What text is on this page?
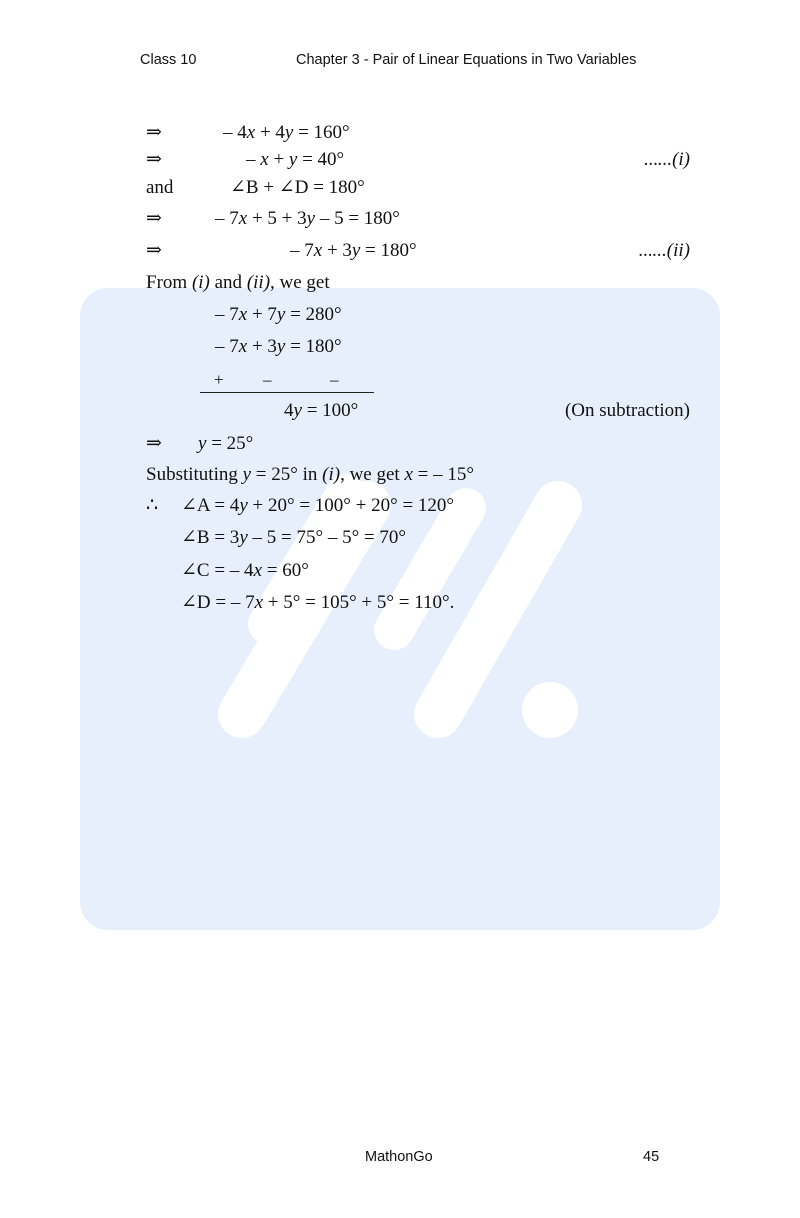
Class 10	Chapter 3 - Pair of Linear Equations in Two Variables
⇒	– 4x + 4y = 160°
⇒	– x + y = 40°	......(i)
and	∠B + ∠D = 180°
⇒	– 7x + 5 + 3y – 5 = 180°
⇒	– 7x + 3y = 180°	......(ii)
From (i) and (ii), we get
– 7x + 7y = 280°
– 7x + 3y = 180°
+ –	–
4y = 100°	(On subtraction)
⇒ y = 25°
Substituting y = 25° in (i), we get x = – 15°
∴ ∠A = 4y + 20° = 100° + 20° = 120°
∠B = 3y – 5 = 75° – 5° = 70°
∠C = – 4x = 60°
∠D = – 7x + 5° = 105° + 5° = 110°.
MathonGo	45
